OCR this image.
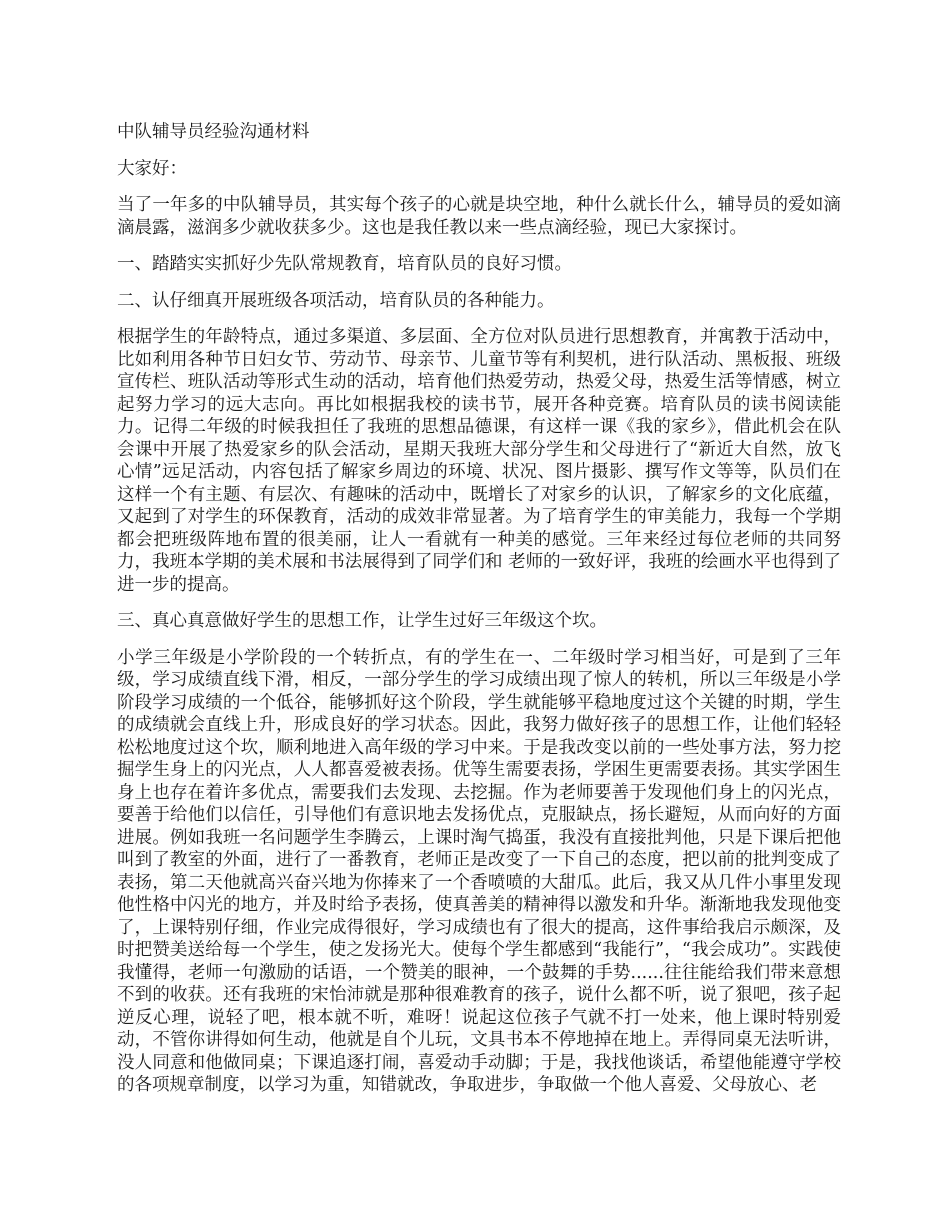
中队辅导员经验沟通材料

大家好：

当了一年多的中队辅导员，其实每个孩子的心就是块空地，种什么就长什么，辅导员的爱如滴滴晨露，滋润多少就收获多少。这也是我任教以来一些点滴经验，现已大家探讨。

一、踏踏实实抓好少先队常规教育，培育队员的良好习惯。

二、认仔细真开展班级各项活动，培育队员的各种能力。

根据学生的年龄特点，通过多渠道、多层面、全方位对队员进行思想教育，并寓教于活动中，比如利用各种节日妇女节、劳动节、母亲节、儿童节等有利契机，进行队活动、黑板报、班级宣传栏、班队活动等形式生动的活动，培育他们热爱劳动，热爱父母，热爱生活等情感，树立起努力学习的远大志向。再比如根据我校的读书节，展开各种竞赛。培育队员的读书阅读能力。记得二年级的时候我担任了我班的思想品德课，有这样一课《我的家乡》，借此机会在队会课中开展了热爱家乡的队会活动，星期天我班大部分学生和父母进行了“新近大自然，放飞心情”远足活动，内容包括了解家乡周边的环境、状况、图片摄影、撰写作文等等，队员们在这样一个有主题、有层次、有趣味的活动中，既增长了对家乡的认识，了解家乡的文化底蕴，又起到了对学生的环保教育，活动的成效非常显著。为了培育学生的审美能力，我每一个学期都会把班级阵地布置的很美丽，让人一看就有一种美的感觉。三年来经过每位老师的共同努力，我班本学期的美术展和书法展得到了同学们和 老师的一致好评，我班的绘画水平也得到了进一步的提高。

三、真心真意做好学生的思想工作，让学生过好三年级这个坎。

小学三年级是小学阶段的一个转折点，有的学生在一、二年级时学习相当好，可是到了三年级，学习成绩直线下滑，相反，一部分学生的学习成绩出现了惊人的转机，所以三年级是小学阶段学习成绩的一个低谷，能够抓好这个阶段，学生就能够平稳地度过这个关键的时期，学生的成绩就会直线上升，形成良好的学习状态。因此，我努力做好孩子的思想工作，让他们轻轻松松地度过这个坎，顺利地进入高年级的学习中来。于是我改变以前的一些处事方法，努力挖掘学生身上的闪光点，人人都喜爱被表扬。优等生需要表扬，学困生更需要表扬。其实学困生身上也存在着许多优点，需要我们去发现、去挖掘。作为老师要善于发现他们身上的闪光点，要善于给他们以信任，引导他们有意识地去发扬优点，克服缺点，扬长避短，从而向好的方面进展。例如我班一名问题学生李腾云，上课时淘气捣蛋，我没有直接批判他，只是下课后把他叫到了教室的外面，进行了一番教育，老师正是改变了一下自己的态度，把以前的批判变成了表扬，第二天他就高兴奋兴地为你捧来了一个香喷喷的大甜瓜。此后，我又从几件小事里发现他性格中闪光的地方，并及时给予表扬，使真善美的精神得以激发和升华。渐渐地我发现他变了，上课特别仔细，作业完成得很好，学习成绩也有了很大的提高，这件事给我启示颇深，及时把赞美送给每一个学生，使之发扬光大。使每个学生都感到“我能行”，“我会成功”。实践使我懂得，老师一句激励的话语，一个赞美的眼神，一个鼓舞的手势......往往能给我们带来意想不到的收获。还有我班的宋怡沛就是那种很难教育的孩子，说什么都不听，说了狠吧，孩子起逆反心理，说轻了吧，根本就不听，难呀！说起这位孩子气就不打一处来，他上课时特别爱动，不管你讲得如何生动，他就是自个儿玩，文具书本不停地掉在地上。弄得同桌无法听讲，没人同意和他做同桌；下课追逐打闹，喜爱动手动脚；于是，我找他谈话，希望他能遵守学校的各项规章制度，以学习为重，知错就改，争取进步，争取做一个他人喜爱、父母放心、老
